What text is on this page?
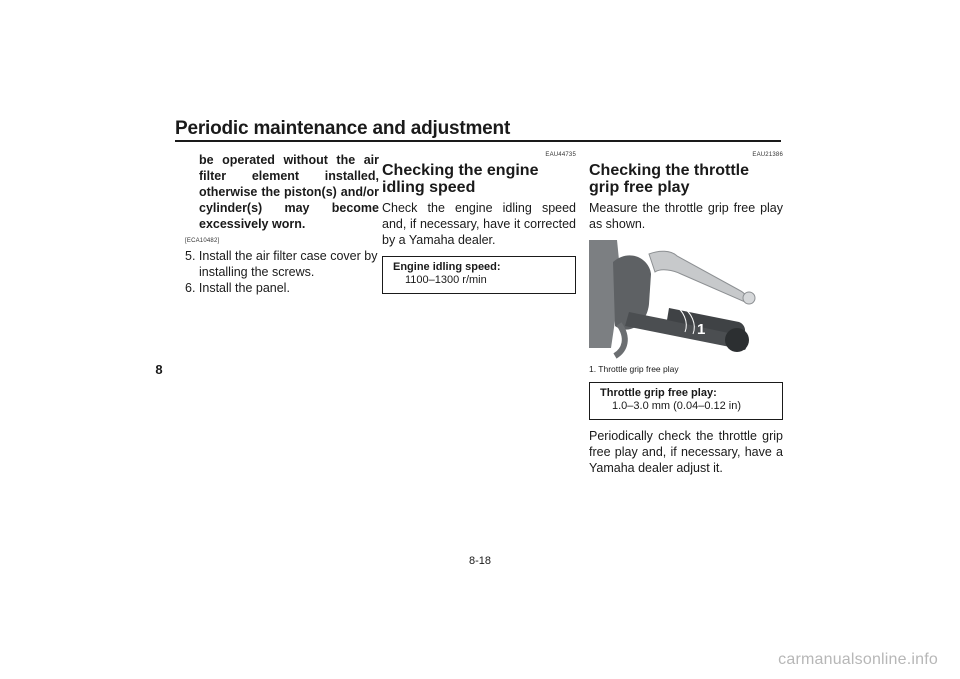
Periodic maintenance and adjustment
8
be operated without the air filter element installed, otherwise the piston(s) and/or cylinder(s) may become excessively worn.
[ECA10482]
5. Install the air filter case cover by installing the screws.
6. Install the panel.
EAU44735
Checking the engine idling speed
Check the engine idling speed and, if necessary, have it corrected by a Yamaha dealer.
Engine idling speed:
1100–1300 r/min
EAU21386
Checking the throttle grip free play
Measure the throttle grip free play as shown.
1
1. Throttle grip free play
Throttle grip free play:
1.0–3.0 mm (0.04–0.12 in)
Periodically check the throttle grip free play and, if necessary, have a Yamaha dealer adjust it.
8-18
carmanualsonline.info
